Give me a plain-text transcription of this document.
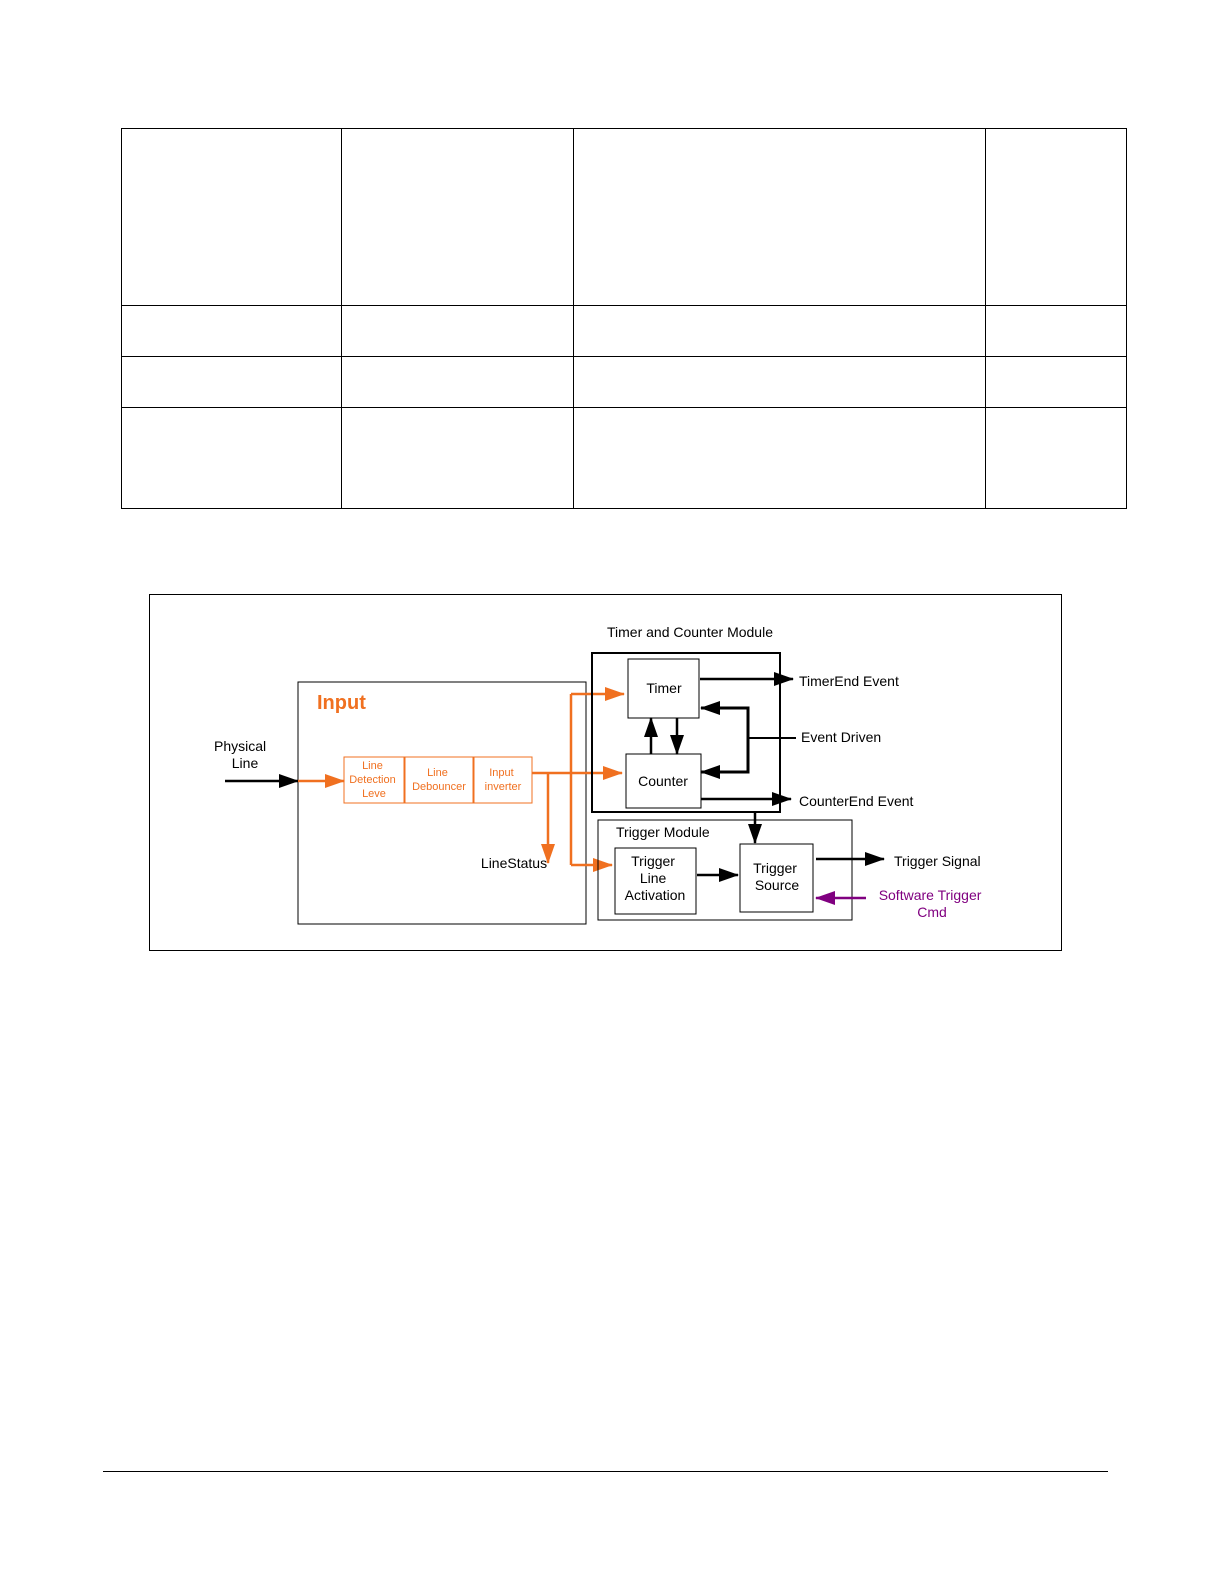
Physical Line
Input
Line Detection Leve
Line Debouncer
Input inverter
LineStatus
Timer and Counter Module
Timer
Counter
TimerEnd Event
Event Driven
CounterEnd Event
Trigger Module
Trigger Line Activation
Trigger Source
Trigger Signal
Software Trigger Cmd
